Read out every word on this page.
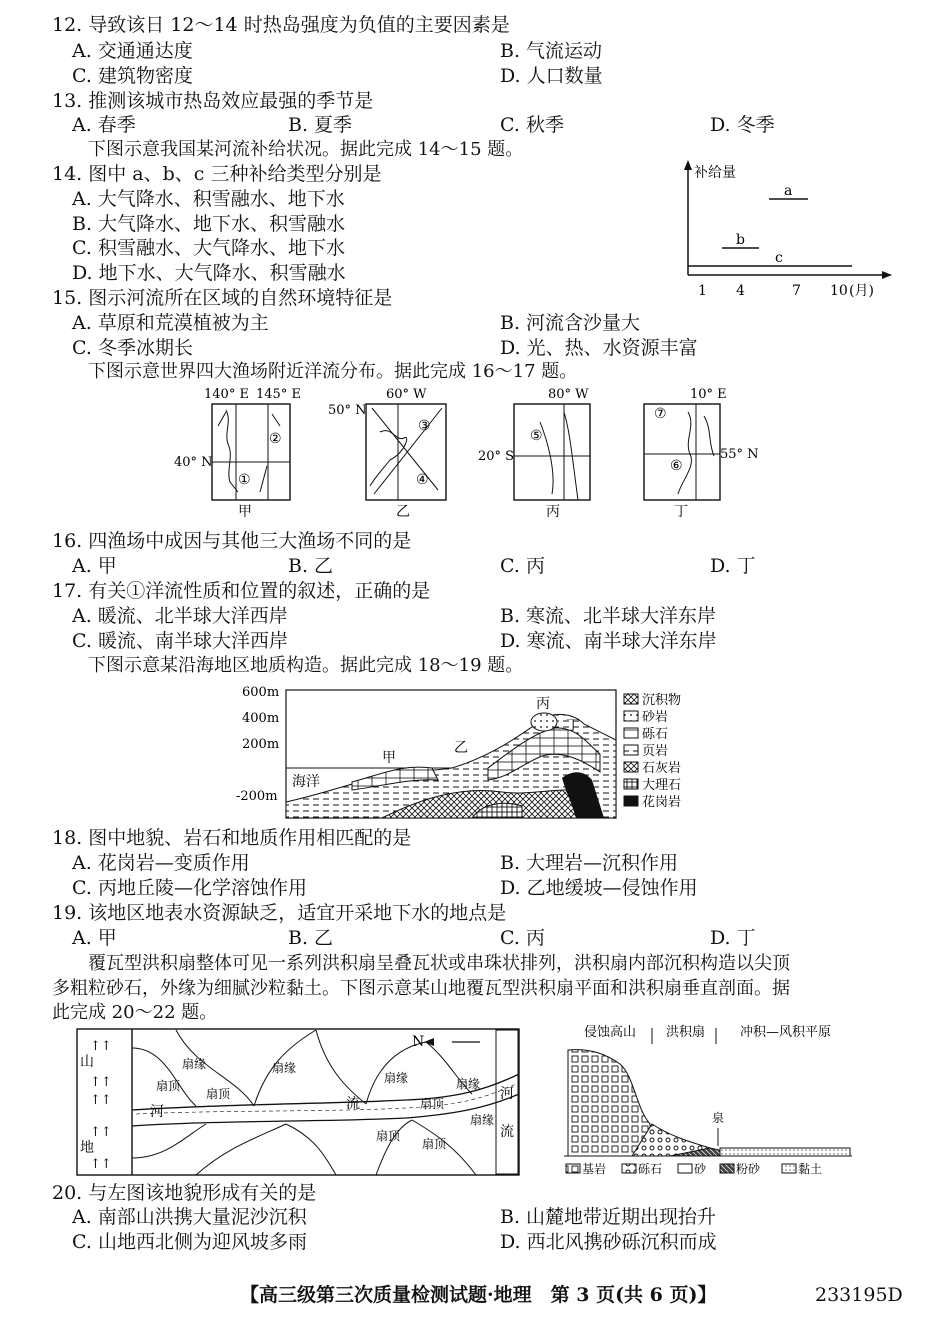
12. 导致该日 12～14 时热岛强度为负值的主要因素是
A. 交通通达度	B. 气流运动
C. 建筑物密度	D. 人口数量
13. 推测该城市热岛效应最强的季节是
A. 春季	B. 夏季	C. 秋季	D. 冬季
下图示意我国某河流补给状况。据此完成 14～15 题。
14. 图中 a、b、c 三种补给类型分别是
A. 大气降水、积雪融水、地下水
B. 大气降水、地下水、积雪融水
C. 积雪融水、大气降水、地下水
D. 地下水、大气降水、积雪融水
补给量
a
b
c
1 4	7 10 (月)
15. 图示河流所在区域的自然环境特征是
A. 草原和荒漠植被为主	B. 河流含沙量大
C. 冬季冰期长	D. 光、热、水资源丰富
下图示意世界四大渔场附近洋流分布。据此完成 16～17 题。
140° E 145° E
40° N
①
②
甲
60° W
50° N
③
④
乙
80° W
20° S
⑤
丙
10° E
55° N
⑦
⑥
丁
16. 四渔场中成因与其他三大渔场不同的是
A. 甲	B. 乙	C. 丙	D. 丁
17. 有关①洋流性质和位置的叙述，正确的是
A. 暖流、北半球大洋西岸	B. 寒流、北半球大洋东岸
C. 暖流、南半球大洋西岸	D. 寒流、南半球大洋东岸
下图示意某沿海地区地质构造。据此完成 18～19 题。
600m
400m
200m
-200m
甲
乙
丙
丁
海洋
沉积物
砂岩
砾石
页岩
石灰岩
大理石
花岗岩
18. 图中地貌、岩石和地质作用相匹配的是
A. 花岗岩—变质作用	B. 大理岩—沉积作用
C. 丙地丘陵—化学溶蚀作用	D. 乙地缓坡—侵蚀作用
19. 该地区地表水资源缺乏，适宜开采地下水的地点是
A. 甲	B. 乙	C. 丙	D. 丁
覆瓦型洪积扇整体可见一系列洪积扇呈叠瓦状或串珠状排列，洪积扇内部沉积构造以尖顶
多粗粒砂石，外缘为细腻沙粒黏土。下图示意某山地覆瓦型洪积扇平面和洪积扇垂直剖面。据
此完成 20～22 题。
山
地
↑↑
↑↑
↑↑
↑↑
↑↑
河	流
河
流
扇顶
扇缘
扇顶
扇缘
扇缘	扇缘
扇顶
扇顶
扇顶
扇缘
N
侵蚀高山 洪积扇	冲积—风积平原
泉
基岩	砾石	砂 粉砂	黏土
20. 与左图该地貌形成有关的是
A. 南部山洪携大量泥沙沉积	B. 山麓地带近期出现抬升
C. 山地西北侧为迎风坡多雨	D. 西北风携砂砾沉积而成
【高三级第三次质量检测试题·地理　第 3 页(共 6 页)】	233195D
